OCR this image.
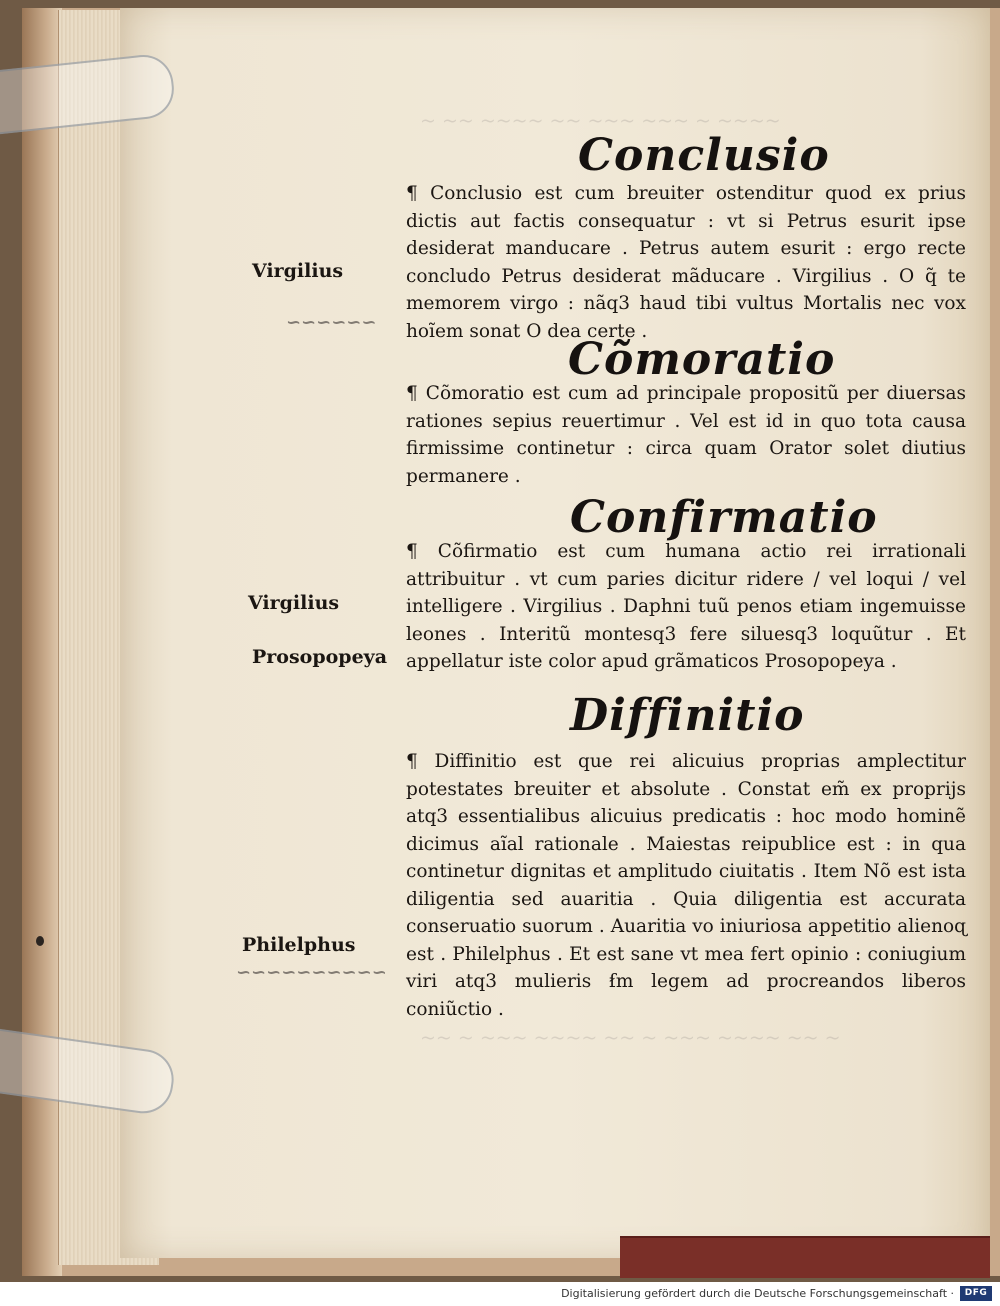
~ ~~ ~~~~ ~~ ~~~ ~~~ ~ ~~~~
~~ ~ ~~~ ~~~~ ~~ ~ ~~~ ~~~~ ~~ ~
Conclusio
¶ Conclusio est cum breuiter ostenditur quod ex prius dictis aut factis consequatur : vt si Petrus esurit ipse desiderat manducare . Petrus autem esurit : ergo recte concludo Petrus desiderat mãducare . Virgilius . O q̃ te memorem virgo : nãq3 haud tibi vultus Mortalis nec vox hoĩem sonat O dea certe .
Cõmoratio
¶ Cõmoratio est cum ad principale propositũ per diuersas rationes sepius reuertimur . Vel est id in quo tota causa firmissime continetur : circa quam Orator solet diutius permanere .
Confirmatio
¶ Cõfirmatio est cum humana actio rei irrationali attribuitur . vt cum paries dicitur ridere / vel loqui / vel intelligere . Virgilius . Daphni tuũ penos etiam ingemuisse leones . Interitũ montesq3 fere siluesq3 loquũtur . Et appellatur iste color apud grãmaticos Prosopopeya .
Diffinitio
¶ Diffinitio est que rei alicuius proprias amplectitur potestates breuiter et absolute . Constat em̃ ex proprijs atq3 essentialibus alicuius predicatis : hoc modo hominẽ dicimus aĩal rationale . Maiestas reipublice est : in qua continetur dignitas et amplitudo ciuitatis . Item Nõ est ista diligentia sed auaritia . Quia diligentia est accurata conseruatio suorum . Auaritia vo iniuriosa appetitio alienoɋ est . Philelphus . Et est sane vt mea fert opinio : coniugium viri atq3 mulieris ẜm legem ad procreandos liberos coniũctio .
Virgilius
Virgilius
Prosopopeya
Philelphus
~~~~~~
~~~~~~~~~~
Digitalisierung gefördert durch die Deutsche Forschungsgemeinschaft ·	DFG
